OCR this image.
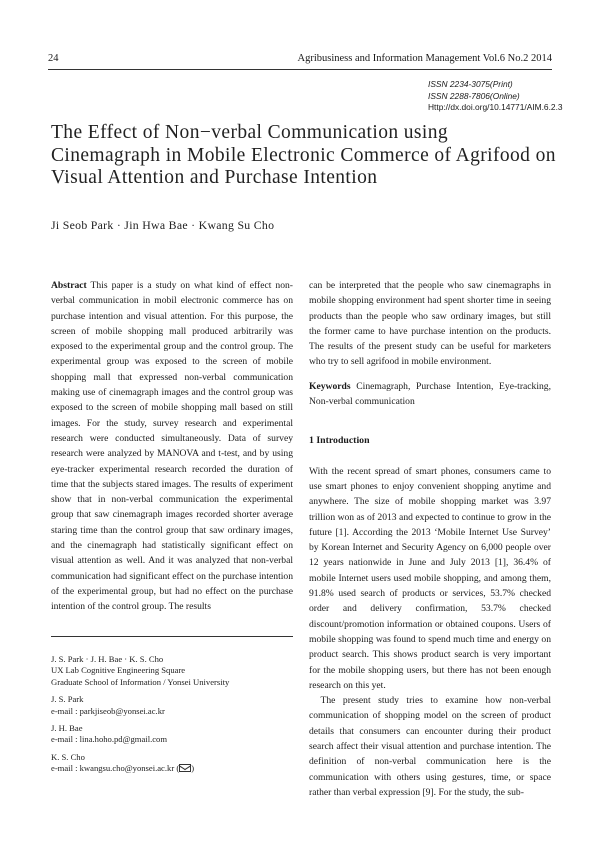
24	Agribusiness and Information Management Vol.6 No.2 2014
ISSN 2234-3075(Print)
ISSN 2288-7806(Online)
Http://dx.doi.org/10.14771/AIM.6.2.3
The Effect of Non−verbal Communication using Cinemagraph in Mobile Electronic Commerce of Agrifood on Visual Attention and Purchase Intention
Ji Seob Park · Jin Hwa Bae · Kwang Su Cho

Abstract This paper is a study on what kind of effect non-verbal communication in mobil electronic commerce has on purchase intention and visual attention. For this purpose, the screen of mobile shopping mall produced arbitrarily was exposed to the experimental group and the control group. The experimental group was exposed to the screen of mobile shopping mall that expressed non-verbal communication making use of cinemagraph images and the control group was exposed to the screen of mobile shopping mall based on still images. For the study, survey research and experimental research were conducted simultaneously. Data of survey research were analyzed by MANOVA and t-test, and by using eye-tracker experimental research recorded the duration of time that the subjects stared images. The results of experiment show that in non-verbal communication the experimental group that saw cinemagraph images recorded shorter average staring time than the control group that saw ordinary images, and the cinemagraph had statistically significant effect on visual attention as well. And it was analyzed that non-verbal communication had significant effect on the purchase intention of the experimental group, but had no effect on the purchase intention of the control group. The results

can be interpreted that the people who saw cinemagraphs in mobile shopping environment had spent shorter time in seeing products than the people who saw ordinary images, but still the former came to have purchase intention on the products. The results of the present study can be useful for marketers who try to sell agrifood in mobile environment.

Keywords Cinemagraph, Purchase Intention, Eye-tracking, Non-verbal communication

1 Introduction

With the recent spread of smart phones, consumers came to use smart phones to enjoy convenient shopping anytime and anywhere. The size of mobile shopping market was 3.97 trillion won as of 2013 and expected to continue to grow in the future [1]. According the 2013 ‘Mobile Internet Use Survey’ by Korean Internet and Security Agency on 6,000 people over 12 years nationwide in June and July 2013 [1], 36.4% of mobile Internet users used mobile shopping, and among them, 91.8% used search of products or services, 53.7% checked order and delivery confirmation, 53.7% checked discount/promotion information or obtained coupons. Users of mobile shopping was found to spend much time and energy on product search. This shows product search is very important for the mobile shopping users, but there has not been enough research on this yet.

The present study tries to examine how non-verbal communication of shopping model on the screen of product details that consumers can encounter during their product search affect their visual attention and purchase intention. The definition of non-verbal communication here is the communication with others using gestures, time, or space rather than verbal expression [9]. For the study, the sub-

J. S. Park · J. H. Bae · K. S. Cho
UX Lab Cognitive Engineering Square
Graduate School of Information / Yonsei University
J. S. Park
e-mail : parkjiseob@yonsei.ac.kr
J. H. Bae
e-mail : lina.hoho.pd@gmail.com
K. S. Cho
e-mail : kwangsu.cho@yonsei.ac.kr ( )
